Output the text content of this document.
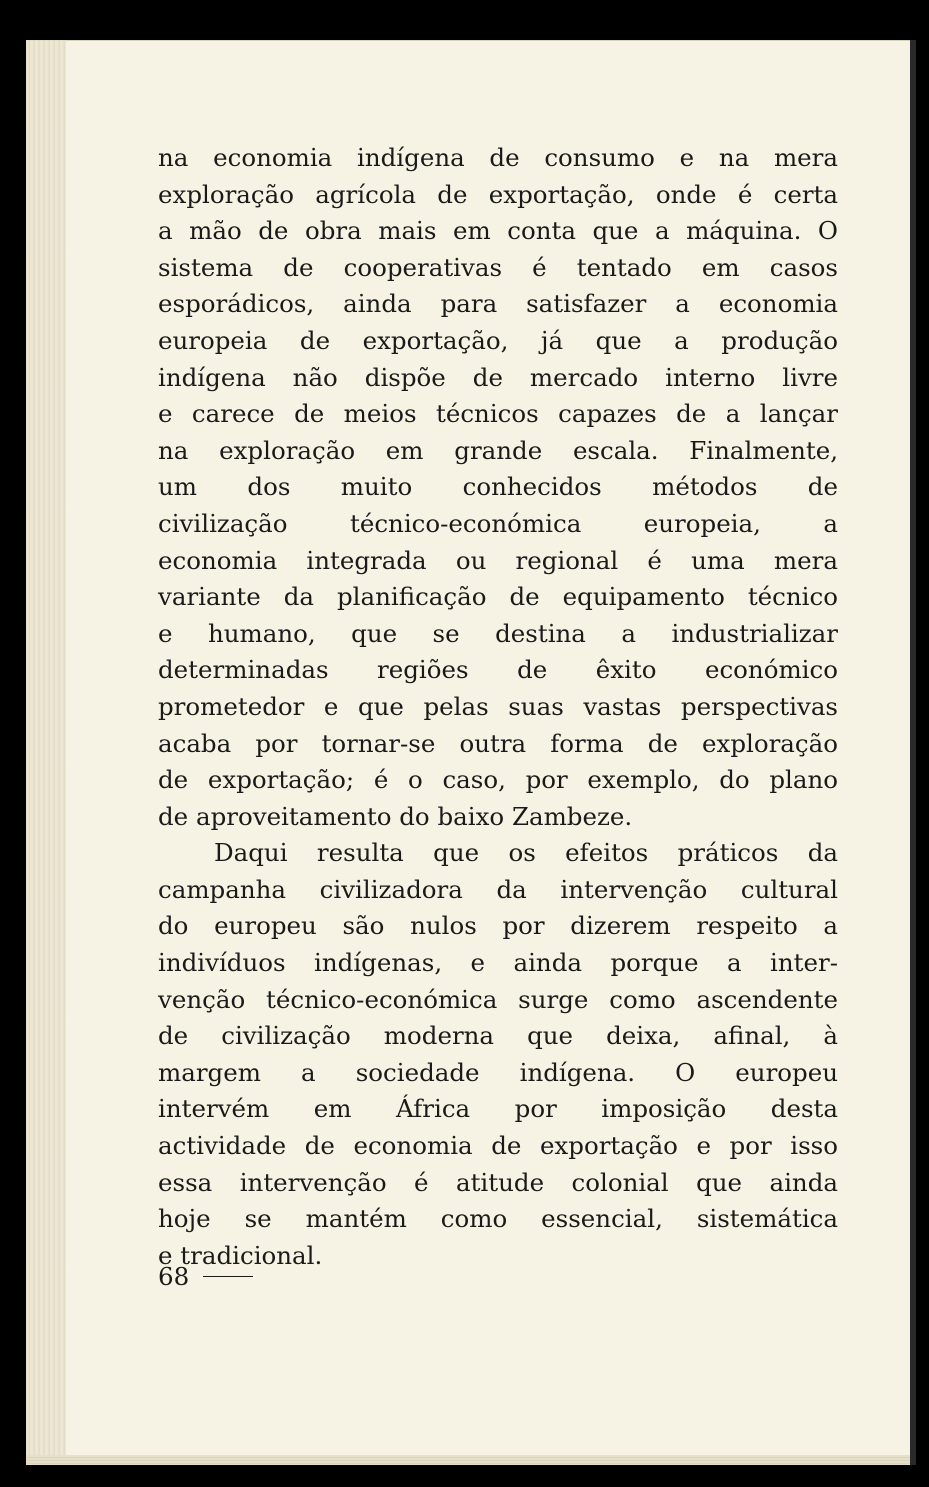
na economia indígena de consumo e na mera
exploração agrícola de exportação, onde é certa
a mão de obra mais em conta que a máquina. O
sistema de cooperativas é tentado em casos
esporádicos, ainda para satisfazer a economia
europeia de exportação, já que a produção
indígena não dispõe de mercado interno livre
e carece de meios técnicos capazes de a lançar
na exploração em grande escala. Finalmente,
um dos muito conhecidos métodos de
civilização técnico-económica europeia, a
economia integrada ou regional é uma mera
variante da planificação de equipamento técnico
e humano, que se destina a industrializar
determinadas regiões de êxito económico
prometedor e que pelas suas vastas perspectivas
acaba por tornar-se outra forma de exploração
de exportação; é o caso, por exemplo, do plano
de aproveitamento do baixo Zambeze.
Daqui resulta que os efeitos práticos da
campanha civilizadora da intervenção cultural
do europeu são nulos por dizerem respeito a
indivíduos indígenas, e ainda porque a inter-
venção técnico-económica surge como ascendente
de civilização moderna que deixa, afinal, à
margem a sociedade indígena. O europeu
intervém em África por imposição desta
actividade de economia de exportação e por isso
essa intervenção é atitude colonial que ainda
hoje se mantém como essencial, sistemática
e tradicional.
68
